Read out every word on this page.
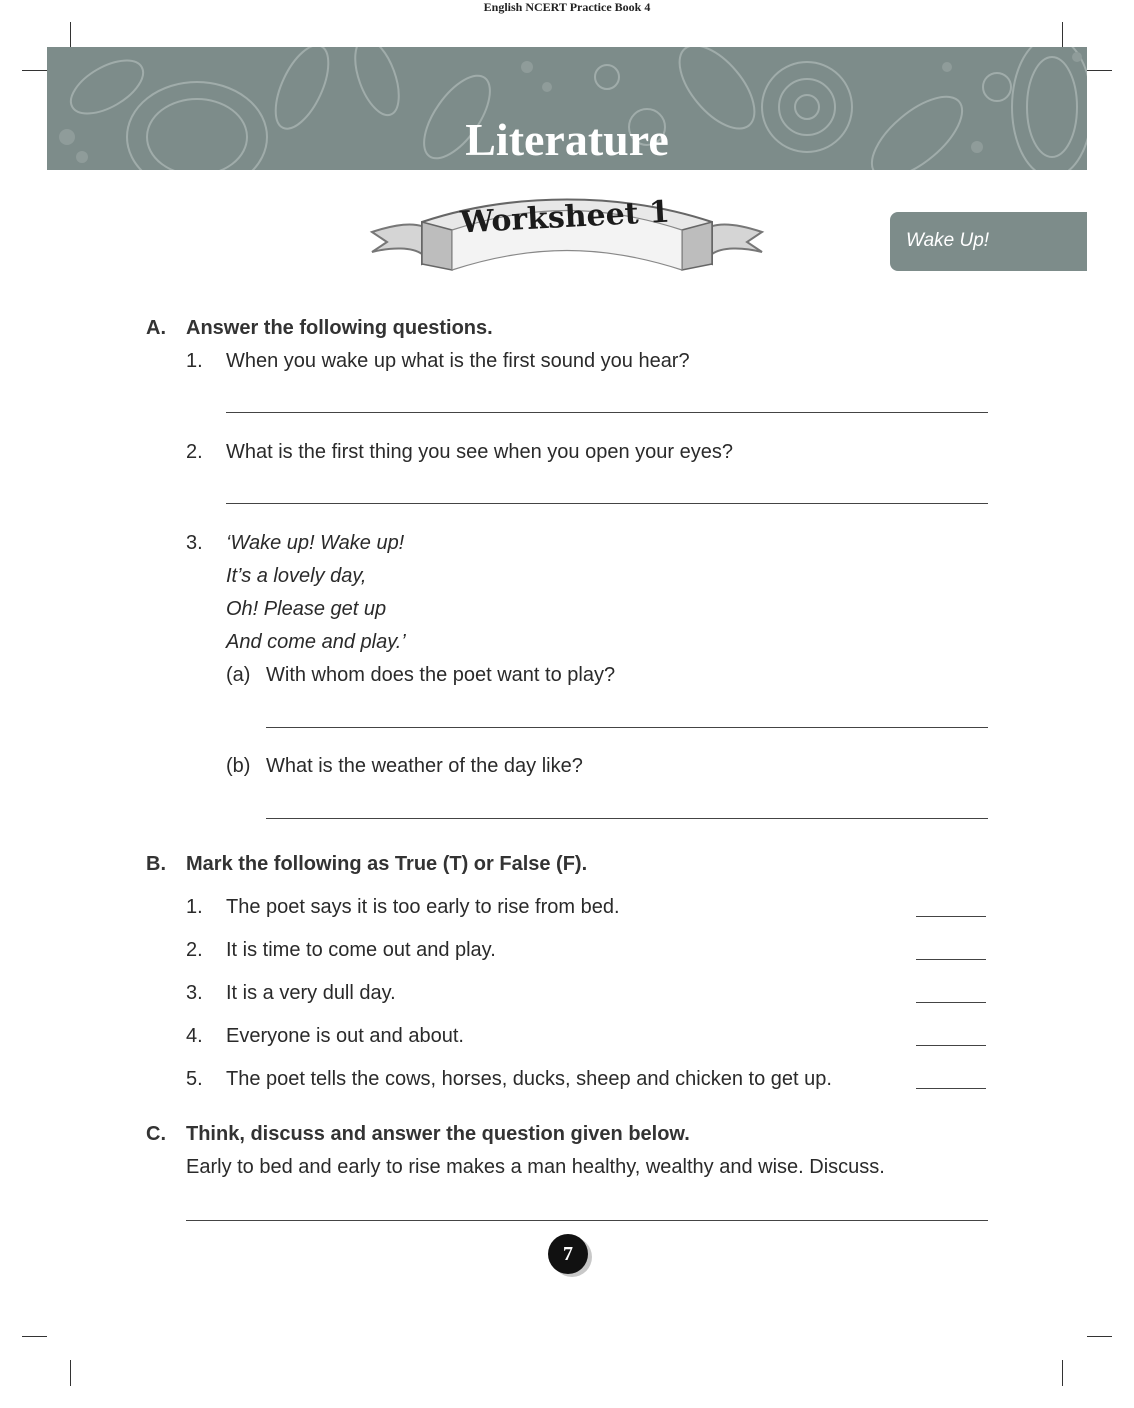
English NCERT Practice Book 4
Literature
Worksheet 1
Wake Up!
A. Answer the following questions.
1. When you wake up what is the first sound you hear?
2. What is the first thing you see when you open your eyes?
3. ‘Wake up! Wake up!
It’s a lovely day,
Oh! Please get up
And come and play.’
(a) With whom does the poet want to play?
(b) What is the weather of the day like?
B. Mark the following as True (T) or False (F).
1. The poet says it is too early to rise from bed.
2. It is time to come out and play.
3. It is a very dull day.
4. Everyone is out and about.
5. The poet tells the cows, horses, ducks, sheep and chicken to get up.
C. Think, discuss and answer the question given below.
Early to bed and early to rise makes a man healthy, wealthy and wise. Discuss.
7
